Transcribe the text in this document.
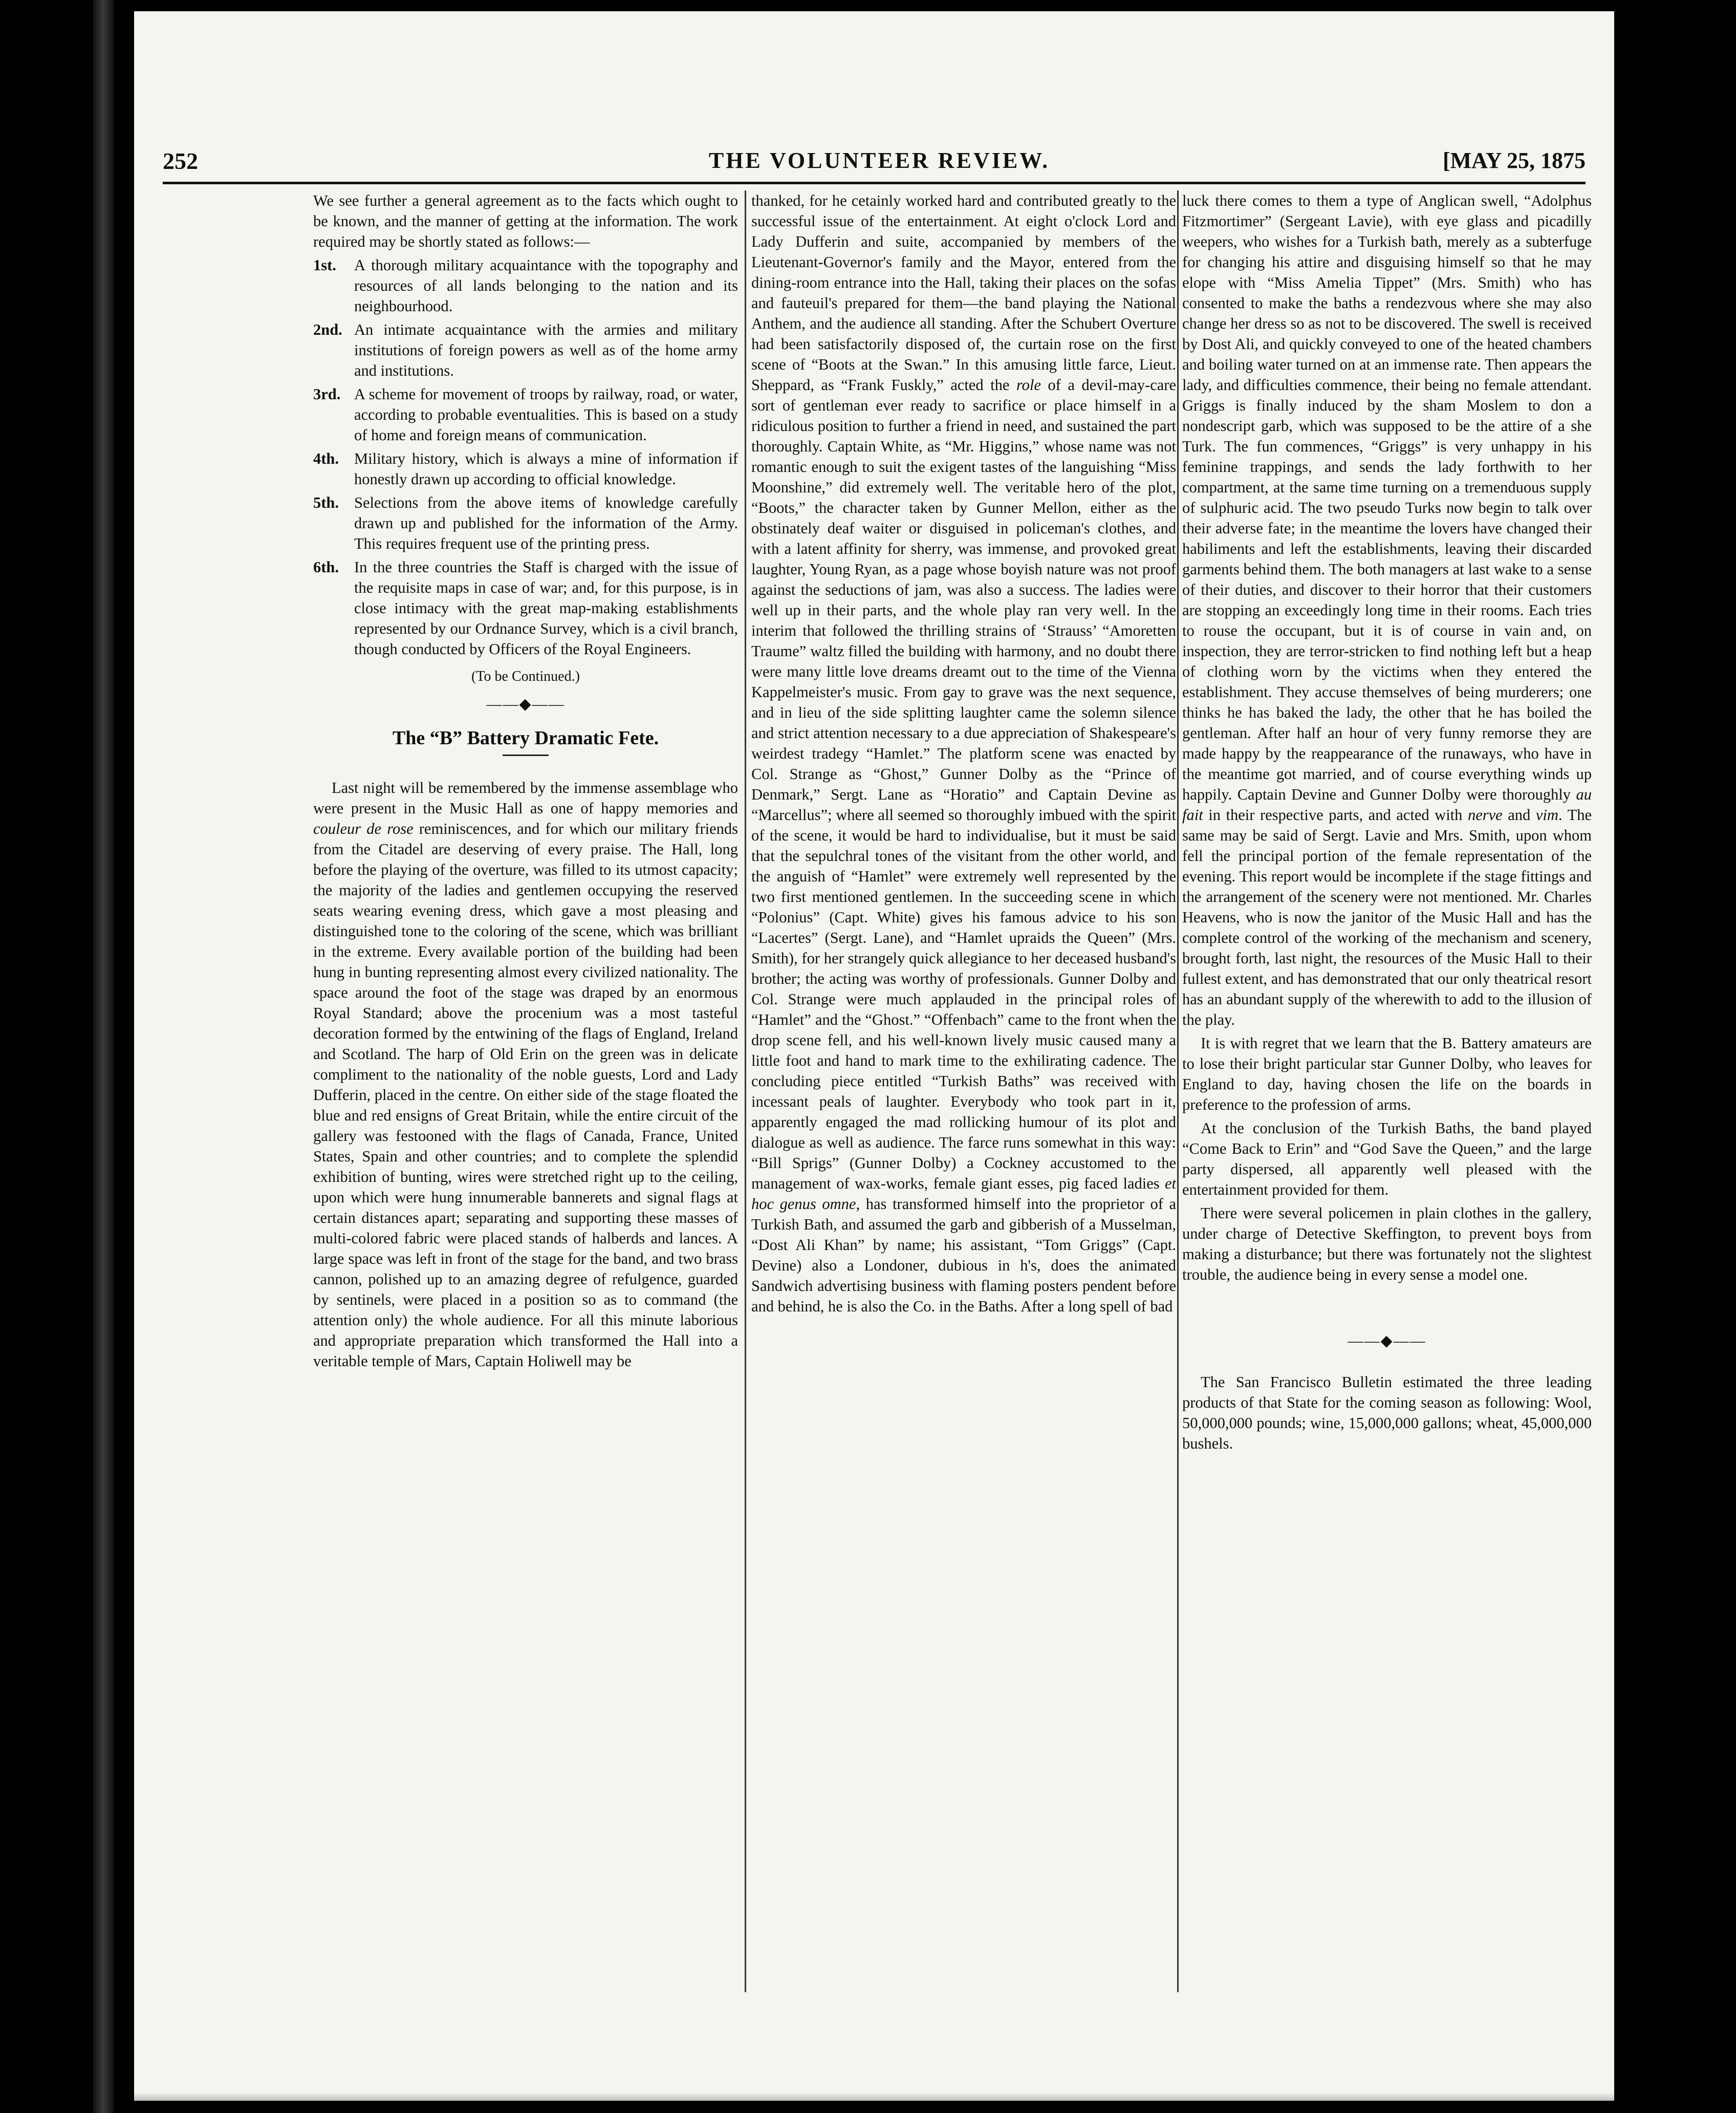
252	THE VOLUNTEER REVIEW.	[MAY 25, 1875

We see further a general agreement as to the facts which ought to be known, and the manner of getting at the information. The work required may be shortly stated as follows:—

1st.	A thorough military acquaintance with the topography and resources of all lands belonging to the nation and its neighbourhood.
2nd. An intimate acquaintance with the armies and military institutions of foreign powers as well as of the home army and institutions.
3rd. A scheme for movement of troops by railway, road, or water, according to probable eventualities. This is based on a study of home and foreign means of communication.
4th. Military history, which is always a mine of information if honestly drawn up according to official knowledge.
5th. Selections from the above items of knowledge carefully drawn up and published for the information of the Army. This requires frequent use of the printing press.
6th. In the three countries the Staff is charged with the issue of the requisite maps in case of war; and, for this purpose, is in close intimacy with the great map-making establishments represented by our Ordnance Survey, which is a civil branch, though conducted by Officers of the Royal Engineers.
(To be Continued.)
——◆——
The “B” Battery Dramatic Fete.

Last night will be remembered by the immense assemblage who were present in the Music Hall as one of happy memories and couleur de rose reminiscences, and for which our military friends from the Citadel are deserving of every praise. The Hall, long before the playing of the overture, was filled to its utmost capacity; the majority of the ladies and gentlemen occupying the reserved seats wearing evening dress, which gave a most pleasing and distinguished tone to the coloring of the scene, which was brilliant in the extreme. Every available portion of the building had been hung in bunting representing almost every civilized nationality. The space around the foot of the stage was draped by an enormous Royal Standard; above the procenium was a most tasteful decoration formed by the entwining of the flags of England, Ireland and Scotland. The harp of Old Erin on the green was in delicate compliment to the nationality of the noble guests, Lord and Lady Dufferin, placed in the centre. On either side of the stage floated the blue and red ensigns of Great Britain, while the entire circuit of the gallery was festooned with the flags of Canada, France, United States, Spain and other countries; and to complete the splendid exhibition of bunting, wires were stretched right up to the ceiling, upon which were hung innumerable bannerets and signal flags at certain distances apart; separating and supporting these masses of multi-colored fabric were placed stands of halberds and lances. A large space was left in front of the stage for the band, and two brass cannon, polished up to an amazing degree of refulgence, guarded by sentinels, were placed in a position so as to command (the attention only) the whole audience. For all this minute laborious and appropriate preparation which transformed the Hall into a veritable temple of Mars, Captain Holiwell may be

thanked, for he cetainly worked hard and contributed greatly to the successful issue of the entertainment. At eight o'clock Lord and Lady Dufferin and suite, accompanied by members of the Lieutenant-Governor's family and the Mayor, entered from the dining-room entrance into the Hall, taking their places on the sofas and fauteuil's prepared for them—the band playing the National Anthem, and the audience all standing. After the Schubert Overture had been satisfactorily disposed of, the curtain rose on the first scene of “Boots at the Swan.” In this amusing little farce, Lieut. Sheppard, as “Frank Fuskly,” acted the role of a devil-may-care sort of gentleman ever ready to sacrifice or place himself in a ridiculous position to further a friend in need, and sustained the part thoroughly. Captain White, as “Mr. Higgins,” whose name was not romantic enough to suit the exigent tastes of the languishing “Miss Moonshine,” did extremely well. The veritable hero of the plot, “Boots,” the character taken by Gunner Mellon, either as the obstinately deaf waiter or disguised in policeman's clothes, and with a latent affinity for sherry, was immense, and provoked great laughter, Young Ryan, as a page whose boyish nature was not proof against the seductions of jam, was also a success. The ladies were well up in their parts, and the whole play ran very well. In the interim that followed the thrilling strains of ‘Strauss’ “Amoretten Traume” waltz filled the building with harmony, and no doubt there were many little love dreams dreamt out to the time of the Vienna Kappelmeister's music. From gay to grave was the next sequence, and in lieu of the side splitting laughter came the solemn silence and strict attention necessary to a due appreciation of Shakespeare's weirdest tradegy “Hamlet.” The platform scene was enacted by Col. Strange as “Ghost,” Gunner Dolby as the “Prince of Denmark,” Sergt. Lane as “Horatio” and Captain Devine as “Marcellus”; where all seemed so thoroughly imbued with the spirit of the scene, it would be hard to individualise, but it must be said that the sepulchral tones of the visitant from the other world, and the anguish of “Hamlet” were extremely well represented by the two first mentioned gentlemen. In the succeeding scene in which “Polonius” (Capt. White) gives his famous advice to his son “Lacertes” (Sergt. Lane), and “Hamlet upraids the Queen” (Mrs. Smith), for her strangely quick allegiance to her deceased husband's brother; the acting was worthy of professionals. Gunner Dolby and Col. Strange were much applauded in the principal roles of “Hamlet” and the “Ghost.” “Offenbach” came to the front when the drop scene fell, and his well-known lively music caused many a little foot and hand to mark time to the exhilirating cadence. The concluding piece entitled “Turkish Baths” was received with incessant peals of laughter. Everybody who took part in it, apparently engaged the mad rollicking humour of its plot and dialogue as well as audience. The farce runs somewhat in this way: “Bill Sprigs” (Gunner Dolby) a Cockney accustomed to the management of wax-works, female giant esses, pig faced ladies et hoc genus omne, has transformed himself into the proprietor of a Turkish Bath, and assumed the garb and gibberish of a Musselman, “Dost Ali Khan” by name; his assistant, “Tom Griggs” (Capt. Devine) also a Londoner, dubious in h's, does the animated Sandwich advertising business with flaming posters pendent before and behind, he is also the Co. in the Baths. After a long spell of bad

luck there comes to them a type of Anglican swell, “Adolphus Fitzmortimer” (Sergeant Lavie), with eye glass and picadilly weepers, who wishes for a Turkish bath, merely as a subterfuge for changing his attire and disguising himself so that he may elope with “Miss Amelia Tippet” (Mrs. Smith) who has consented to make the baths a rendezvous where she may also change her dress so as not to be discovered. The swell is received by Dost Ali, and quickly conveyed to one of the heated chambers and boiling water turned on at an immense rate. Then appears the lady, and difficulties commence, their being no female attendant. Griggs is finally induced by the sham Moslem to don a nondescript garb, which was supposed to be the attire of a she Turk. The fun commences, “Griggs” is very unhappy in his feminine trappings, and sends the lady forthwith to her compartment, at the same time turning on a tremenduous supply of sulphuric acid. The two pseudo Turks now begin to talk over their adverse fate; in the meantime the lovers have changed their habiliments and left the establishments, leaving their discarded garments behind them. The both managers at last wake to a sense of their duties, and discover to their horror that their customers are stopping an exceedingly long time in their rooms. Each tries to rouse the occupant, but it is of course in vain and, on inspection, they are terror-stricken to find nothing left but a heap of clothing worn by the victims when they entered the establishment. They accuse themselves of being murderers; one thinks he has baked the lady, the other that he has boiled the gentleman. After half an hour of very funny remorse they are made happy by the reappearance of the runaways, who have in the meantime got married, and of course everything winds up happily. Captain Devine and Gunner Dolby were thoroughly au fait in their respective parts, and acted with nerve and vim. The same may be said of Sergt. Lavie and Mrs. Smith, upon whom fell the principal portion of the female representation of the evening. This report would be incomplete if the stage fittings and the arrangement of the scenery were not mentioned. Mr. Charles Heavens, who is now the janitor of the Music Hall and has the complete control of the working of the mechanism and scenery, brought forth, last night, the resources of the Music Hall to their fullest extent, and has demonstrated that our only theatrical resort has an abundant supply of the wherewith to add to the illusion of the play.

It is with regret that we learn that the B. Battery amateurs are to lose their bright particular star Gunner Dolby, who leaves for England to day, having chosen the life on the boards in preference to the profession of arms.

At the conclusion of the Turkish Baths, the band played “Come Back to Erin” and “God Save the Queen,” and the large party dispersed, all apparently well pleased with the entertainment provided for them.

There were several policemen in plain clothes in the gallery, under charge of Detective Skeffington, to prevent boys from making a disturbance; but there was fortunately not the slightest trouble, the audience being in every sense a model one.

——◆——

The San Francisco Bulletin estimated the three leading products of that State for the coming season as following: Wool, 50,000,000 pounds; wine, 15,000,000 gallons; wheat, 45,000,000 bushels.
